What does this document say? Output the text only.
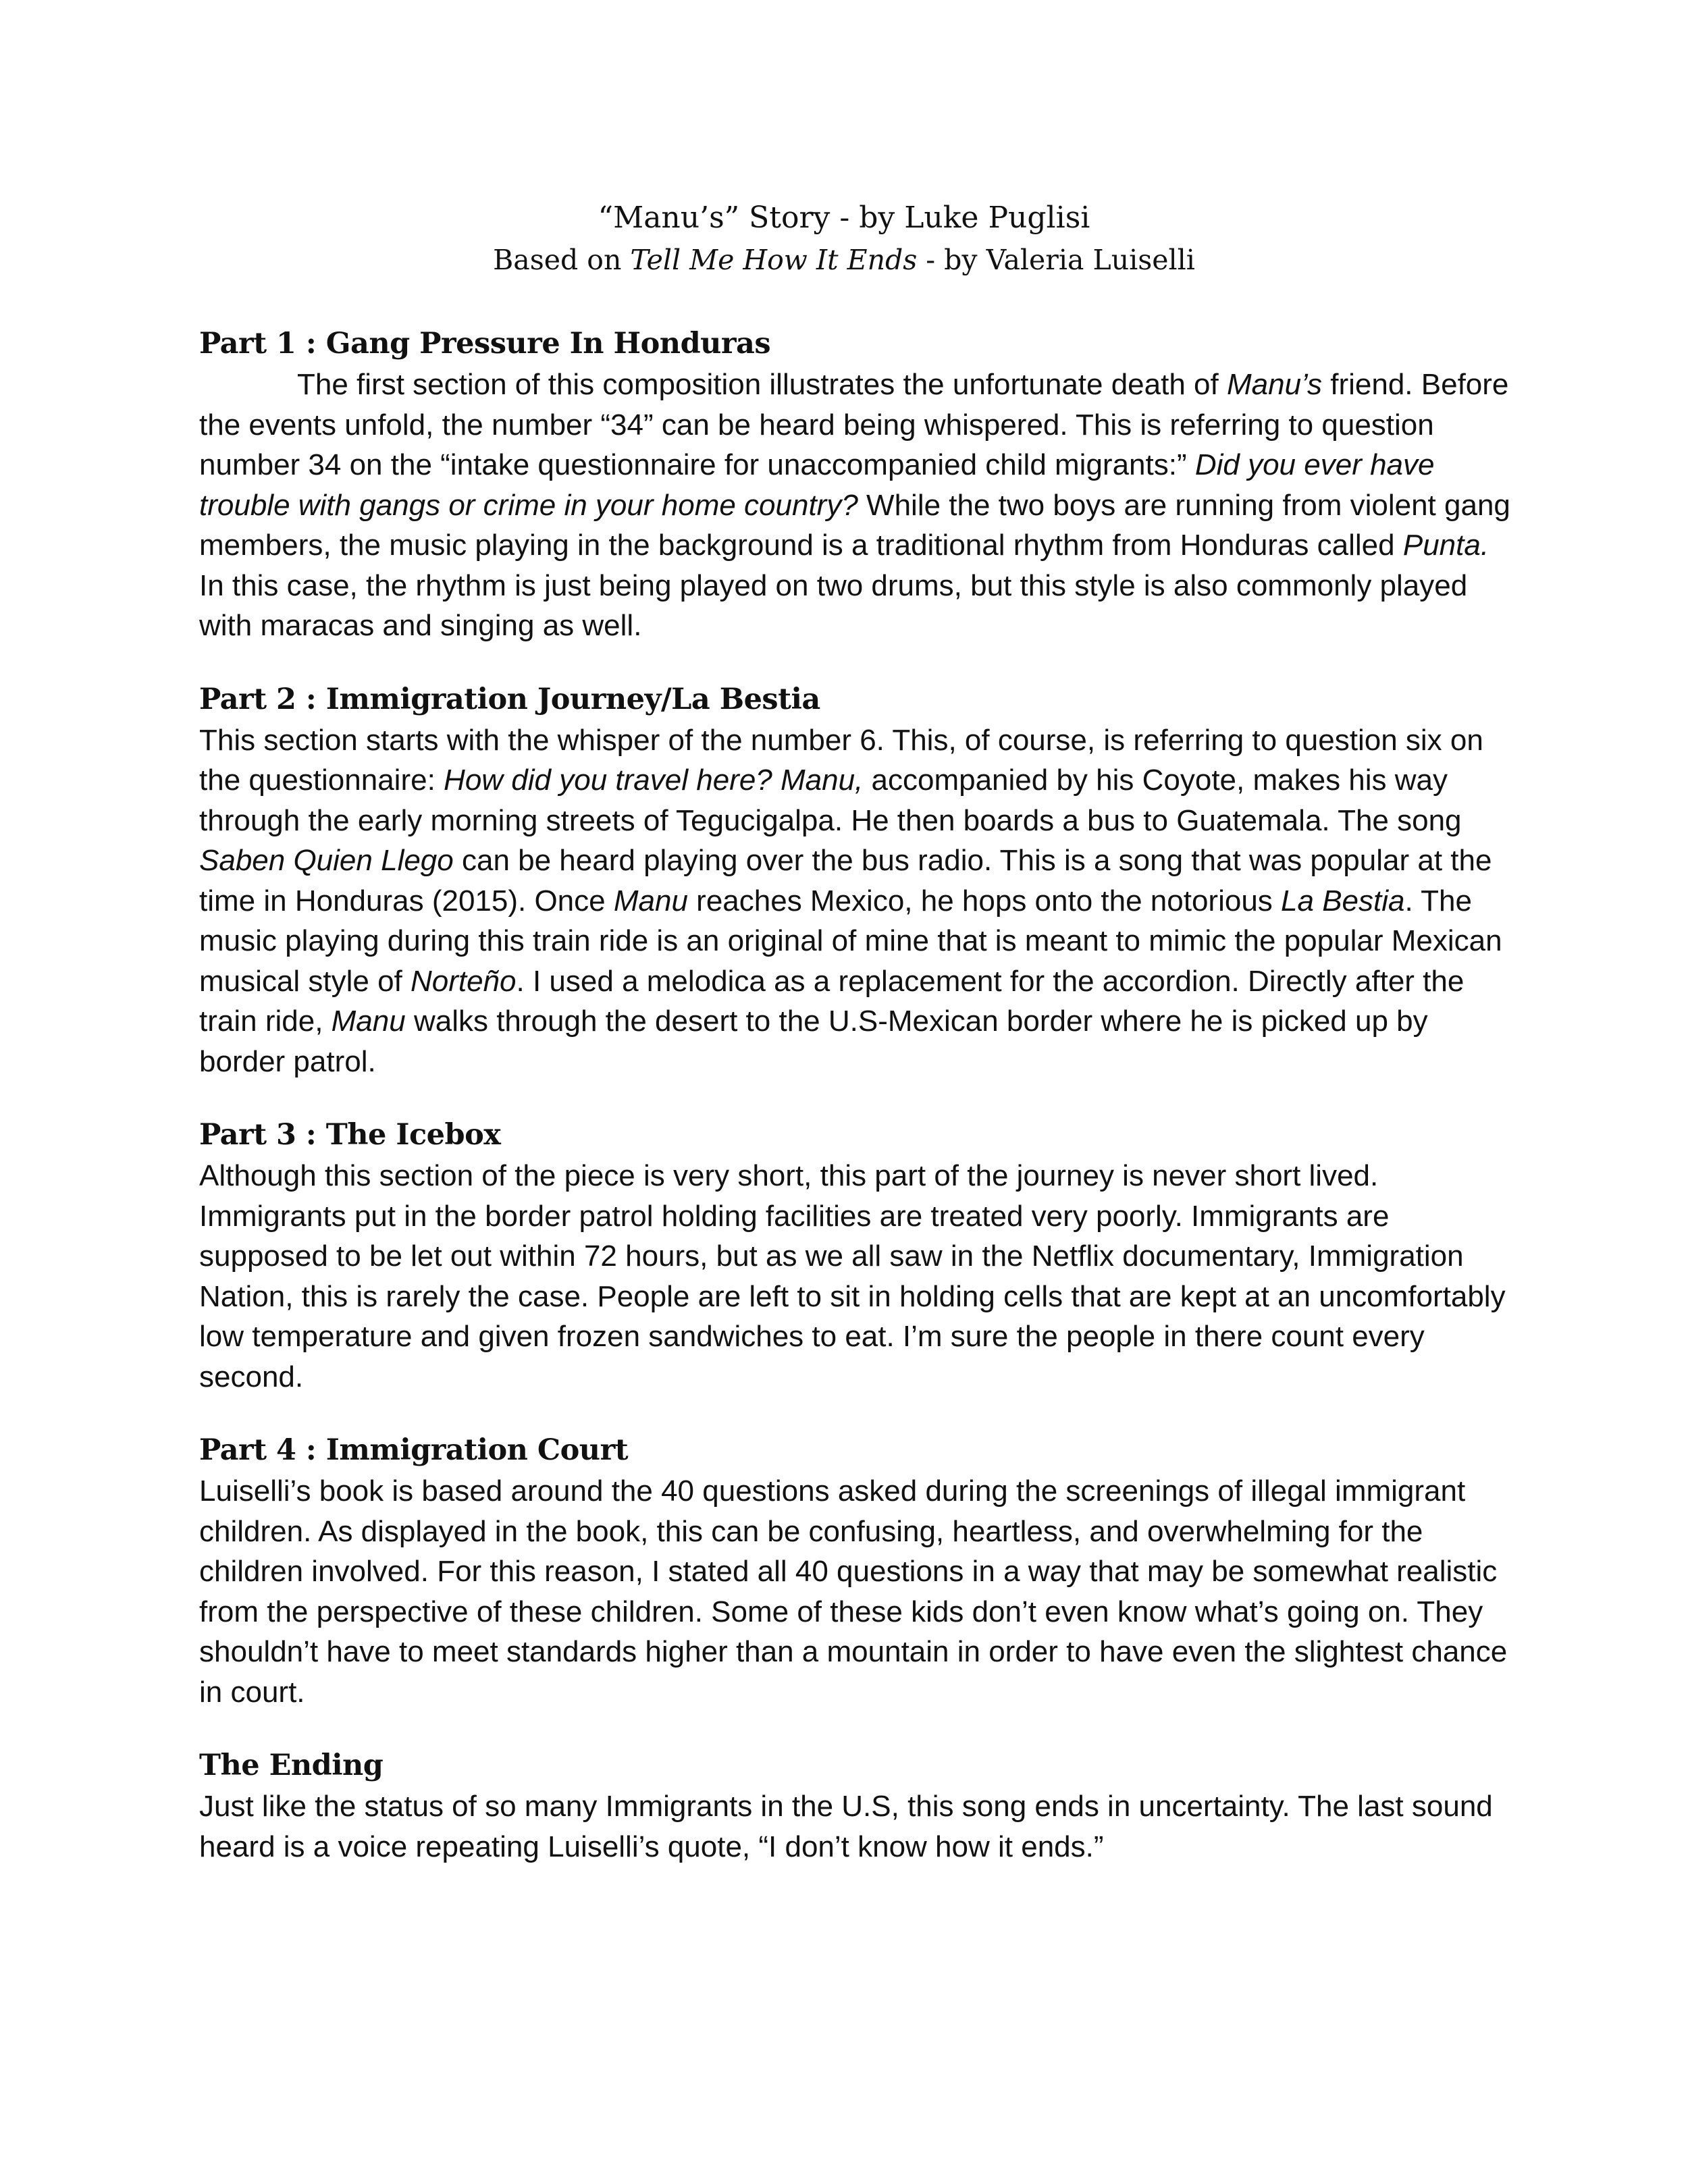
“Manu’s” Story - by Luke Puglisi

Based on Tell Me How It Ends - by Valeria Luiselli

Part 1 : Gang Pressure In Honduras

The first section of this composition illustrates the unfortunate death of Manu’s friend. Before the events unfold, the number “34” can be heard being whispered. This is referring to question number 34 on the “intake questionnaire for unaccompanied child migrants:” Did you ever have trouble with gangs or crime in your home country? While the two boys are running from violent gang members, the music playing in the background is a traditional rhythm from Honduras called Punta. In this case, the rhythm is just being played on two drums, but this style is also commonly played with maracas and singing as well.

Part 2 : Immigration Journey/La Bestia

This section starts with the whisper of the number 6. This, of course, is referring to question six on the questionnaire: How did you travel here? Manu, accompanied by his Coyote, makes his way through the early morning streets of Tegucigalpa. He then boards a bus to Guatemala. The song Saben Quien Llego can be heard playing over the bus radio. This is a song that was popular at the time in Honduras (2015). Once Manu reaches Mexico, he hops onto the notorious La Bestia. The music playing during this train ride is an original of mine that is meant to mimic the popular Mexican musical style of Norteño. I used a melodica as a replacement for the accordion. Directly after the train ride, Manu walks through the desert to the U.S-Mexican border where he is picked up by border patrol.

Part 3 : The Icebox

Although this section of the piece is very short, this part of the journey is never short lived. Immigrants put in the border patrol holding facilities are treated very poorly. Immigrants are supposed to be let out within 72 hours, but as we all saw in the Netflix documentary, Immigration Nation, this is rarely the case. People are left to sit in holding cells that are kept at an uncomfortably low temperature and given frozen sandwiches to eat. I’m sure the people in there count every second.

Part 4 : Immigration Court

Luiselli’s book is based around the 40 questions asked during the screenings of illegal immigrant children. As displayed in the book, this can be confusing, heartless, and overwhelming for the children involved. For this reason, I stated all 40 questions in a way that may be somewhat realistic from the perspective of these children. Some of these kids don’t even know what’s going on. They shouldn’t have to meet standards higher than a mountain in order to have even the slightest chance in court.

The Ending

Just like the status of so many Immigrants in the U.S, this song ends in uncertainty. The last sound heard is a voice repeating Luiselli’s quote, “I don’t know how it ends.”
